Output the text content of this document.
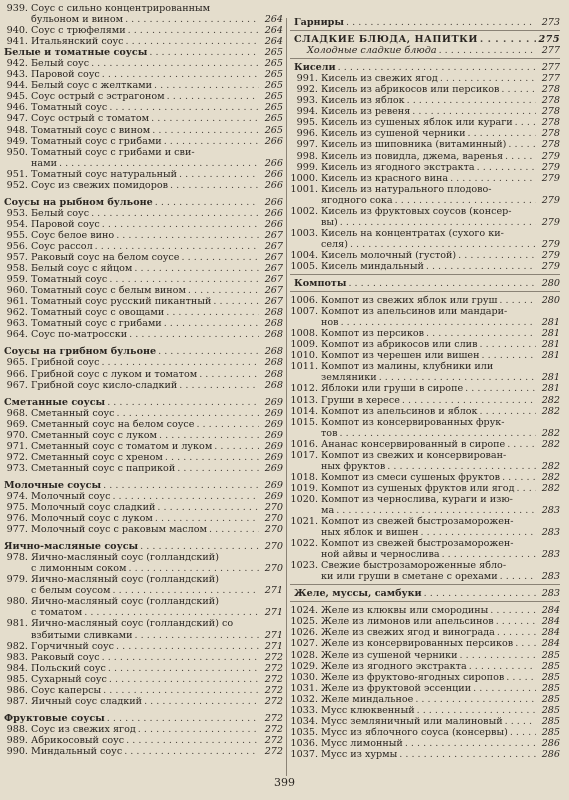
939. Соус с сильно концентрированным
бульоном и вином . . .	264
940. Соус с трюфелями . . .	264
941. Итальянский соус . . .	264
Белые и томатные соусы . . .	265
942. Белый соус . . .	265
943. Паровой соус . . .	265
944. Белый соус с желтками . . .	265
945. Соус острый с эстрагоном . . .	265
946. Томатный соус . . .	265
947. Соус острый с томатом . . .	265
948. Томатный соус с вином . . .	265
949. Томатный соус с грибами . . .	266
950. Томатный соус с грибами и сви-
нами . . .	266
951. Томатный соус натуральный . . .	266
952. Соус из свежих помидоров . . .	266
Соусы на рыбном бульоне . . .	266
953. Белый соус . . .	266
954. Паровой соус . . .	266
955. Соус белое вино . . .	267
956. Соус рассол . . .	267
957. Раковый соус на белом соусе . . .	267
958. Белый соус с яйцом . . .	267
959. Томатный соус . . .	267
960. Томатный соус с белым вином . . .	267
961. Томатный соус русский пикантный . . .	267
962. Томатный соус с овощами . . .	268
963. Томатный соус с грибами . . .	268
964. Соус по-матросски . . .	268
Соусы на грибном бульоне . . .	268
965. Грибной соус . . .	268
966. Грибной соус с луком и томатом . . .	268
967. Грибной соус кисло-сладкий . . .	268
Сметанные соусы . . .	269
968. Сметанный соус . . .	269
969. Сметанный соус на белом соусе . . .	269
970. Сметанный соус с луком . . .	269
971. Сметанный соус с томатом и луком . . .	269
972. Сметанный соус с хреном . . .	269
973. Сметанный соус с паприкой . . .	269
Молочные соусы . . .	269
974. Молочный соус . . .	269
975. Молочный соус сладкий . . .	270
976. Молочный соус с луком . . .	270
977. Молочный соус с раковым маслом . . .	270
Яично-масляные соусы . . .	270
978. Яично-масляный соус (голландский)
с лимонным соком . . .	270
979. Яично-масляный соус (голландский)
с белым соусом . . .	271
980. Яично-масляный соус (голландский)
с томатом . . .	271
981. Яично-масляный соус (голландский) со
взбитыми сливками . . .	271
982. Горчичный соус . . .	271
983. Раковый соус . . .	272
984. Польский соус . . .	272
985. Сухарный соус . . .	272
986. Соус каперсы . . .	272
987. Яичный соус сладкий . . .	272
Фруктовые соусы . . .	272
988. Соус из свежих ягод . . .	272
989. Абрикосовый соус . . .	272
990. Миндальный соус . . .	272
Гарниры . . .	273
СЛАДКИЕ БЛЮДА, НАПИТКИ . . .	275
Холодные сладкие блюда . . .	277
Кисели . . .	277
991. Кисель из свежих ягод . . .	277
992. Кисель из абрикосов или персиков . . .	278
993. Кисель из яблок . . .	278
994. Кисель из ревеня . . .	278
995. Кисель из сушеных яблок или кураги . . .	278
996. Кисель из сушеной черники . . .	278
997. Кисель из шиповника (витаминный) . . .	278
998. Кисель из повидла, джема, варенья . . .	279
999. Кисель из ягодного экстракта . . .	279
1000. Кисель из красного вина . . .	279
1001. Кисель из натурального плодово-
ягодного сока . . .	279
1002. Кисель из фруктовых соусов (консер-
вы) . . .	279
1003. Кисель на концентратах (сухого ки-
селя) . . .	279
1004. Кисель молочный (густой) . . .	279
1005. Кисель миндальный . . .	279
Компоты . . .	280
1006. Компот из свежих яблок или груш . . .	280
1007. Компот из апельсинов или мандари-
нов . . .	281
1008. Компот из персиков . . .	281
1009. Компот из абрикосов или слив . . .	281
1010. Компот из черешен или вишен . . .	281
1011. Компот из малины, клубники или
земляники . . .	281
1012. Яблоки или груши в сиропе . . .	281
1013. Груши в хересе . . .	282
1014. Компот из апельсинов и яблок . . .	282
1015. Компот из консервированных фрук-
тов . . .	282
1016. Ананас консервированный в сиропе . . .	282
1017. Компот из свежих и консервирован-
ных фруктов . . .	282
1018. Компот из смеси сушеных фруктов . . .	282
1019. Компот из сушеных фруктов или ягод . . .	282
1020. Компот из чернослива, кураги и изю-
ма . . .	283
1021. Компот из свежей быстрозаморожен-
ных яблок и вишен . . .	283
1022. Компот из свежей быстрозаморожен-
ной айвы и чернослива . . .	283
1023. Свежие быстрозамороженные ябло-
ки или груши в сметане с орехами . . .	283
Желе, муссы, самбуки . . .	283
1024. Желе из клюквы или смородины . . .	284
1025. Желе из лимонов или апельсинов . . .	284
1026. Желе из свежих ягод и винограда . . .	284
1027. Желе из консервированных персиков . . .	284
1028. Желе из сушеной черники . . .	285
1029. Желе из ягодного экстракта . . .	285
1030. Желе из фруктово-ягодных сиропов . . .	285
1031. Желе из фруктовой эссенции . . .	285
1032. Желе миндальное . . .	285
1033. Мусс клюквенный . . .	285
1034. Мусс земляничный или малиновый . . .	285
1035. Мусс из яблочного соуса (консервы) . . .	285
1036. Мусс лимонный . . .	286
1037. Мусс из хурмы . . .	286
399
